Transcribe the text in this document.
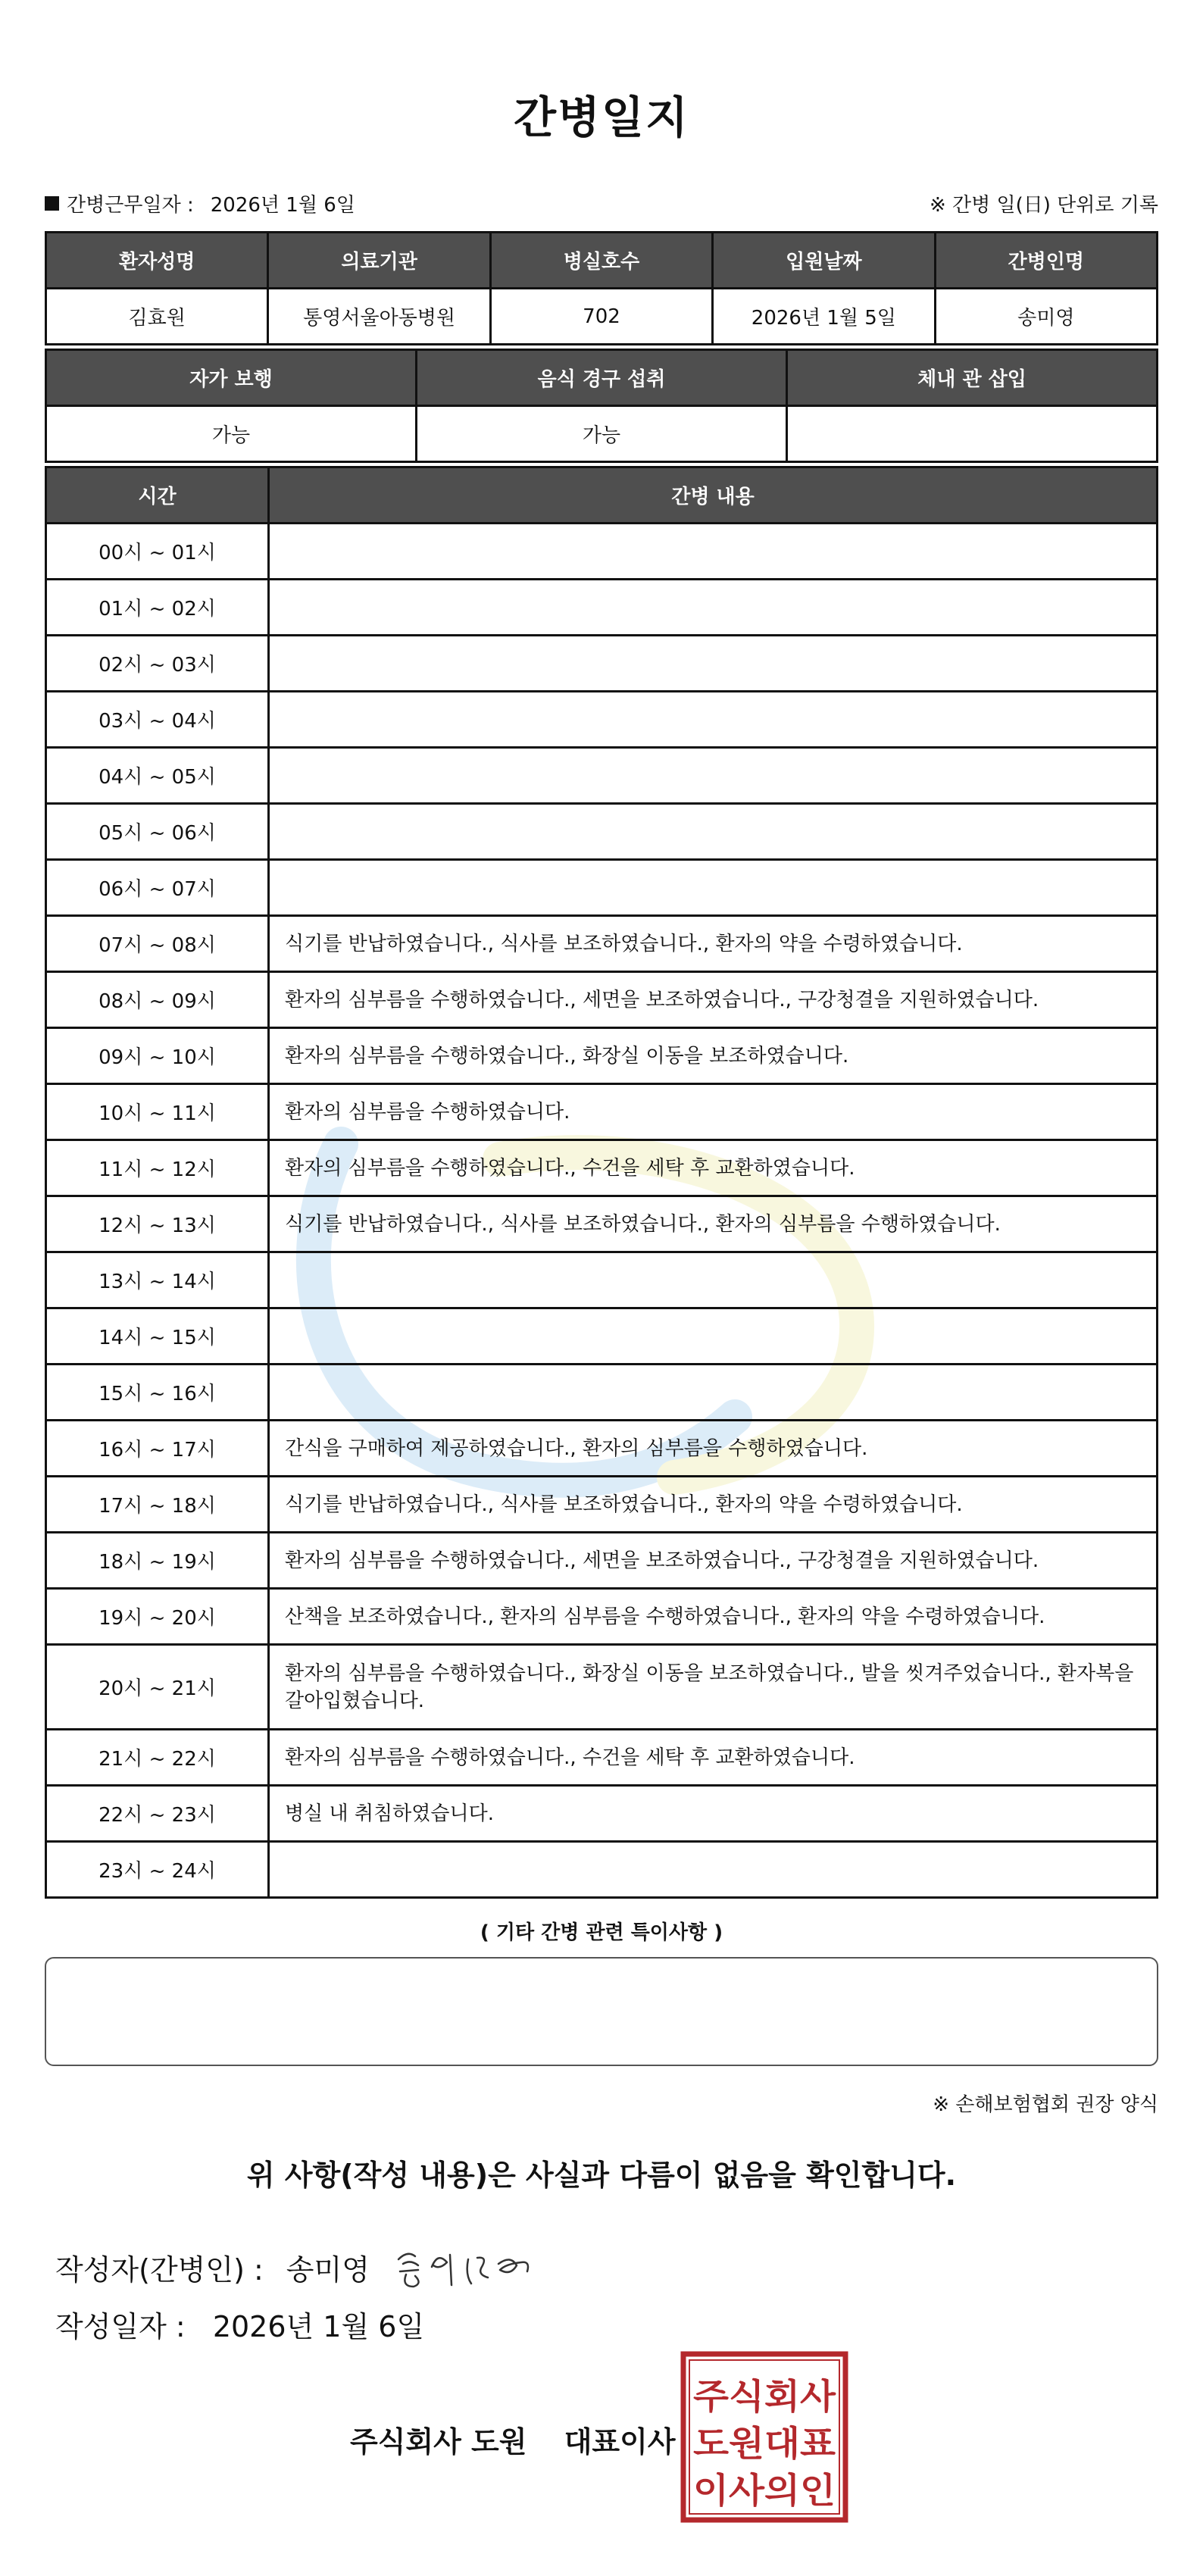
간병일지
간병근무일자 : 2026년 1월 6일	※ 간병 일(日) 단위로 기록
환자성명	의료기관	병실호수	입원날짜	간병인명
김효원	통영서울아동병원	702	2026년 1월 5일	송미영
자가 보행	음식 경구 섭취	체내 관 삽입
가능	가능	
시간	간병 내용
00시 ~ 01시	
01시 ~ 02시	
02시 ~ 03시	
03시 ~ 04시	
04시 ~ 05시	
05시 ~ 06시	
06시 ~ 07시	
07시 ~ 08시	식기를 반납하였습니다., 식사를 보조하였습니다., 환자의 약을 수령하였습니다.
08시 ~ 09시	환자의 심부름을 수행하였습니다., 세면을 보조하였습니다., 구강청결을 지원하였습니다.
09시 ~ 10시	환자의 심부름을 수행하였습니다., 화장실 이동을 보조하였습니다.
10시 ~ 11시	환자의 심부름을 수행하였습니다.
11시 ~ 12시	환자의 심부름을 수행하였습니다., 수건을 세탁 후 교환하였습니다.
12시 ~ 13시	식기를 반납하였습니다., 식사를 보조하였습니다., 환자의 심부름을 수행하였습니다.
13시 ~ 14시	
14시 ~ 15시	
15시 ~ 16시	
16시 ~ 17시	간식을 구매하여 제공하였습니다., 환자의 심부름을 수행하였습니다.
17시 ~ 18시	식기를 반납하였습니다., 식사를 보조하였습니다., 환자의 약을 수령하였습니다.
18시 ~ 19시	환자의 심부름을 수행하였습니다., 세면을 보조하였습니다., 구강청결을 지원하였습니다.
19시 ~ 20시	산책을 보조하였습니다., 환자의 심부름을 수행하였습니다., 환자의 약을 수령하였습니다.
20시 ~ 21시	환자의 심부름을 수행하였습니다., 화장실 이동을 보조하였습니다., 발을 씻겨주었습니다., 환자복을 갈아입혔습니다.
21시 ~ 22시	환자의 심부름을 수행하였습니다., 수건을 세탁 후 교환하였습니다.
22시 ~ 23시	병실 내 취침하였습니다.
23시 ~ 24시	
( 기타 간병 관련 특이사항 )
※ 손해보험협회 권장 양식
위 사항(작성 내용)은 사실과 다름이 없음을 확인합니다.
작성자(간병인) : 송미영
작성일자 : 2026년 1월 6일
주식회사 도원 대표이사
주식회사
도원대표
이사의인
